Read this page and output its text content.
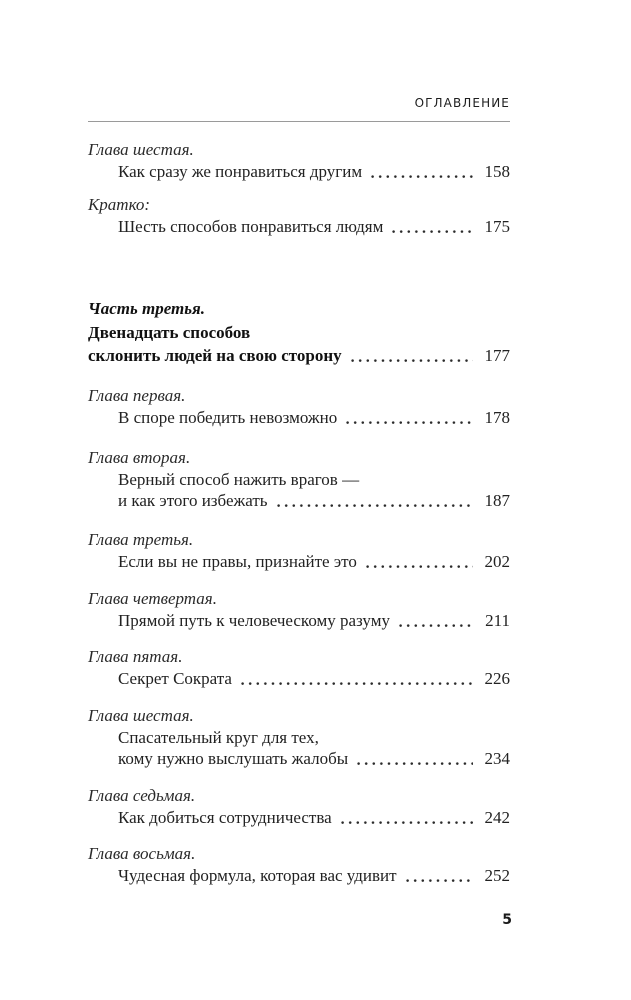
ОГЛАВЛЕНИЕ
Глава шестая.
Как сразу же понравиться другим	158
Кратко:
Шесть способов понравиться людям	175
Часть третья.
Двенадцать способов
склонить людей на свою сторону	177
Глава первая.
В споре победить невозможно	178
Глава вторая.
Верный способ нажить врагов —
и как этого избежать	187
Глава третья.
Если вы не правы, признайте это	202
Глава четвертая.
Прямой путь к человеческому разуму	211
Глава пятая.
Секрет Сократа	226
Глава шестая.
Спасательный круг для тех,
кому нужно выслушать жалобы	234
Глава седьмая.
Как добиться сотрудничества	242
Глава восьмая.
Чудесная формула, которая вас удивит	252
5
